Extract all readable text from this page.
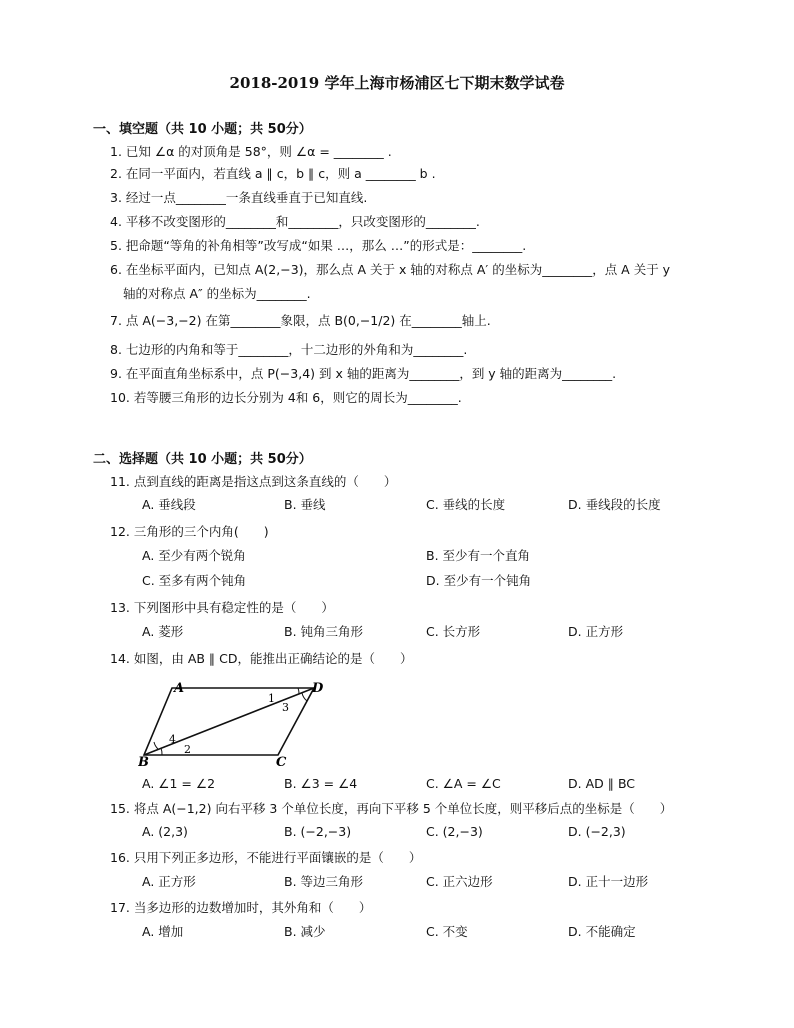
2018-2019 学年上海市杨浦区七下期末数学试卷
一、填空题（共 10 小题；共 50分）
1. 已知 ∠α 的对顶角是 58°，则 ∠α = ________ .
2. 在同一平面内，若直线 a ∥ c，b ∥ c，则 a ________ b .
3. 经过一点________一条直线垂直于已知直线.
4. 平移不改变图形的________和________，只改变图形的________.
5. 把命题“等角的补角相等”改写成“如果 …，那么 …”的形式是：________.
6. 在坐标平面内，已知点 A(2,−3)，那么点 A 关于 x 轴的对称点 A′ 的坐标为________，点 A 关于 y
轴的对称点 A″ 的坐标为________.
7. 点 A(−3,−2) 在第________象限，点 B(0,−1/2) 在________轴上.
8. 七边形的内角和等于________，十二边形的外角和为________.
9. 在平面直角坐标系中，点 P(−3,4) 到 x 轴的距离为________，到 y 轴的距离为________.
10. 若等腰三角形的边长分别为 4和 6，则它的周长为________.
二、选择题（共 10 小题；共 50分）
11. 点到直线的距离是指这点到这条直线的（　　）
A. 垂线段	B. 垂线	C. 垂线的长度	D. 垂线段的长度
12. 三角形的三个内角(　　)
A. 至少有两个锐角	B. 至少有一个直角
C. 至多有两个钝角	D. 至少有一个钝角
13. 下列图形中具有稳定性的是（　　）
A. 菱形	B. 钝角三角形	C. 长方形	D. 正方形
14. 如图，由 AB ∥ CD，能推出正确结论的是（　　）
A	D
B	C
1
3
4
2
A. ∠1 = ∠2	B. ∠3 = ∠4	C. ∠A = ∠C	D. AD ∥ BC
15. 将点 A(−1,2) 向右平移 3 个单位长度，再向下平移 5 个单位长度，则平移后点的坐标是（　　）
A. (2,3)	B. (−2,−3)	C. (2,−3)	D. (−2,3)
16. 只用下列正多边形，不能进行平面镶嵌的是（　　）
A. 正方形	B. 等边三角形	C. 正六边形	D. 正十一边形
17. 当多边形的边数增加时，其外角和（　　）
A. 增加	B. 减少	C. 不变	D. 不能确定
